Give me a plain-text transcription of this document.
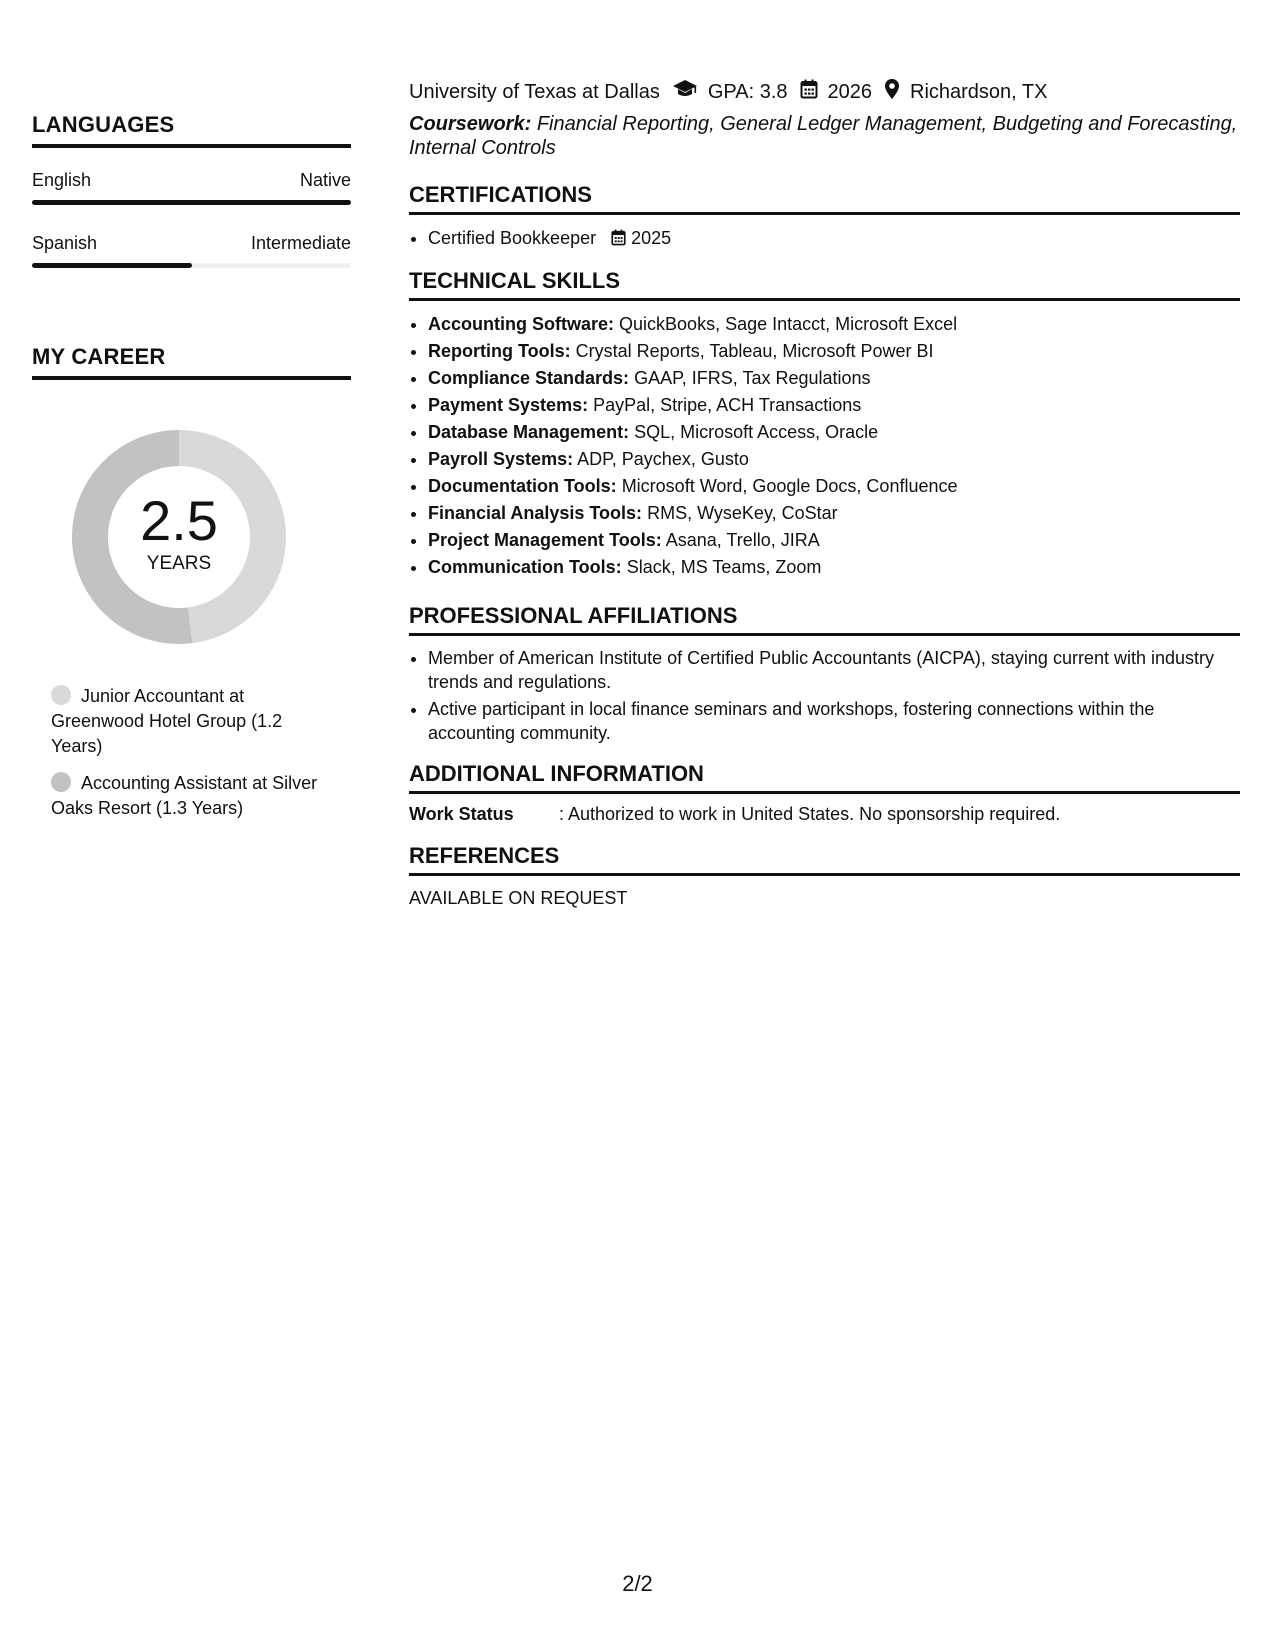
LANGUAGES
English	Native
Spanish	Intermediate
MY CAREER
2.5
YEARS
Junior Accountant at Greenwood Hotel Group (1.2 Years)
Accounting Assistant at Silver Oaks Resort (1.3 Years)
University of Texas at Dallas GPA: 3.8 2026 Richardson, TX
Coursework: Financial Reporting, General Ledger Management, Budgeting and Forecasting, Internal Controls
CERTIFICATIONS
• Certified Bookkeeper 2025
TECHNICAL SKILLS
• Accounting Software: QuickBooks, Sage Intacct, Microsoft Excel
• Reporting Tools: Crystal Reports, Tableau, Microsoft Power BI
• Compliance Standards: GAAP, IFRS, Tax Regulations
• Payment Systems: PayPal, Stripe, ACH Transactions
• Database Management: SQL, Microsoft Access, Oracle
• Payroll Systems: ADP, Paychex, Gusto
• Documentation Tools: Microsoft Word, Google Docs, Confluence
• Financial Analysis Tools: RMS, WyseKey, CoStar
• Project Management Tools: Asana, Trello, JIRA
• Communication Tools: Slack, MS Teams, Zoom
PROFESSIONAL AFFILIATIONS
• Member of American Institute of Certified Public Accountants (AICPA), staying current with industry trends and regulations.
• Active participant in local finance seminars and workshops, fostering connections within the accounting community.
ADDITIONAL INFORMATION
Work Status	: Authorized to work in United States. No sponsorship required.
REFERENCES
AVAILABLE ON REQUEST
2/2
